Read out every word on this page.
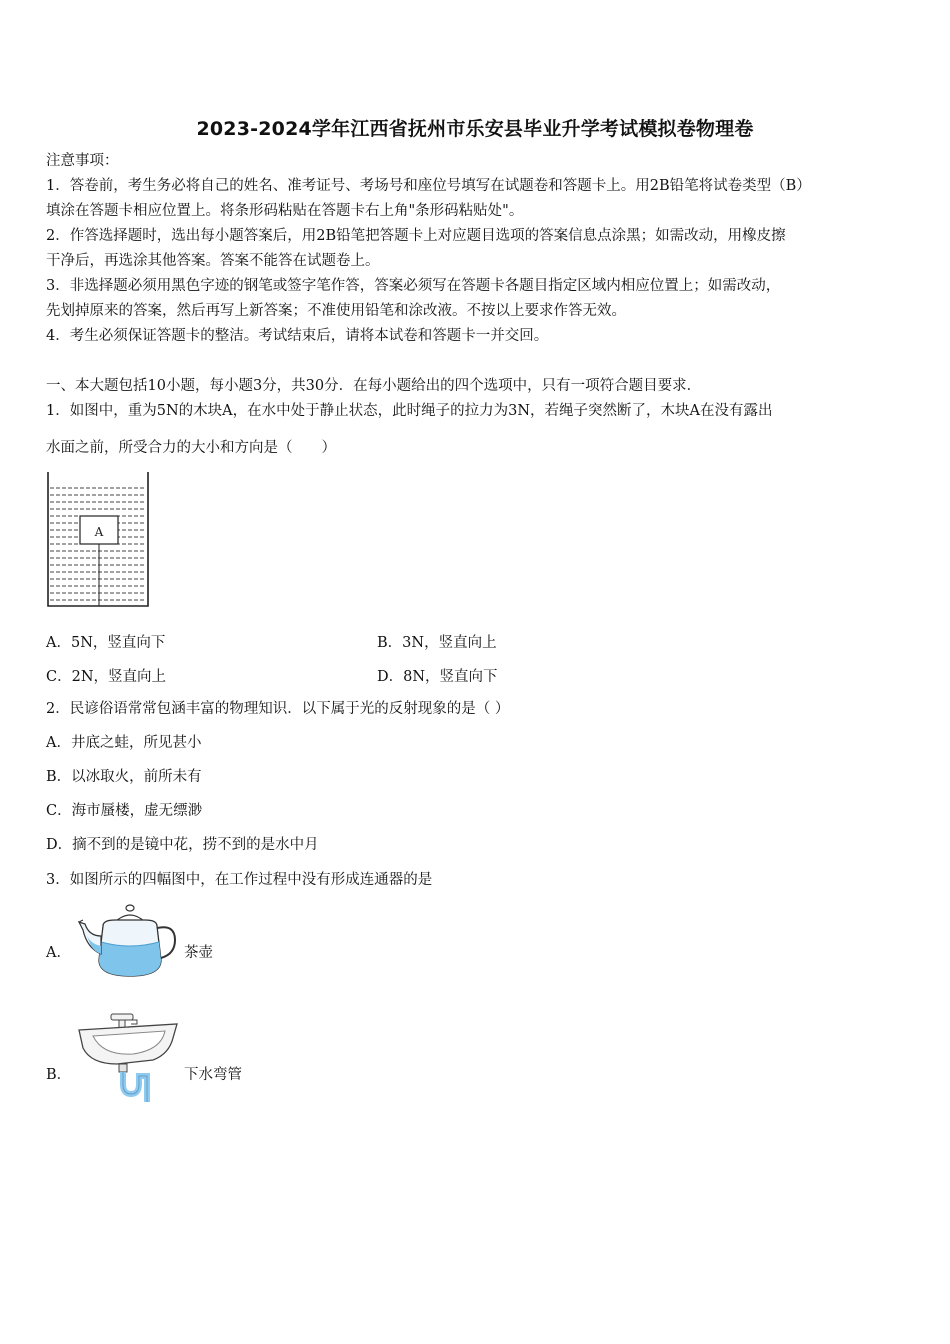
2023-2024学年江西省抚州市乐安县毕业升学考试模拟卷物理卷
注意事项：
1．答卷前，考生务必将自己的姓名、准考证号、考场号和座位号填写在试题卷和答题卡上。用2B铅笔将试卷类型（B）
填涂在答题卡相应位置上。将条形码粘贴在答题卡右上角"条形码粘贴处"。
2．作答选择题时，选出每小题答案后，用2B铅笔把答题卡上对应题目选项的答案信息点涂黑；如需改动，用橡皮擦
干净后，再选涂其他答案。答案不能答在试题卷上。
3．非选择题必须用黑色字迹的钢笔或签字笔作答，答案必须写在答题卡各题目指定区域内相应位置上；如需改动，
先划掉原来的答案，然后再写上新答案；不准使用铅笔和涂改液。不按以上要求作答无效。
4．考生必须保证答题卡的整洁。考试结束后，请将本试卷和答题卡一并交回。
一、本大题包括10小题，每小题3分，共30分．在每小题给出的四个选项中，只有一项符合题目要求．
1．如图中，重为5N的木块A，在水中处于静止状态，此时绳子的拉力为3N，若绳子突然断了，木块A在没有露出
水面之前，所受合力的大小和方向是（　　）
A
A．5N，竖直向下	B．3N，竖直向上
C．2N，竖直向上	D．8N，竖直向下
2．民谚俗语常常包涵丰富的物理知识．以下属于光的反射现象的是（ ）
A．井底之蛙，所见甚小
B．以冰取火，前所未有
C．海市蜃楼，虚无缥渺
D．摘不到的是镜中花，捞不到的是水中月
3．如图所示的四幅图中，在工作过程中没有形成连通器的是
A．	茶壶
B．	下水弯管
